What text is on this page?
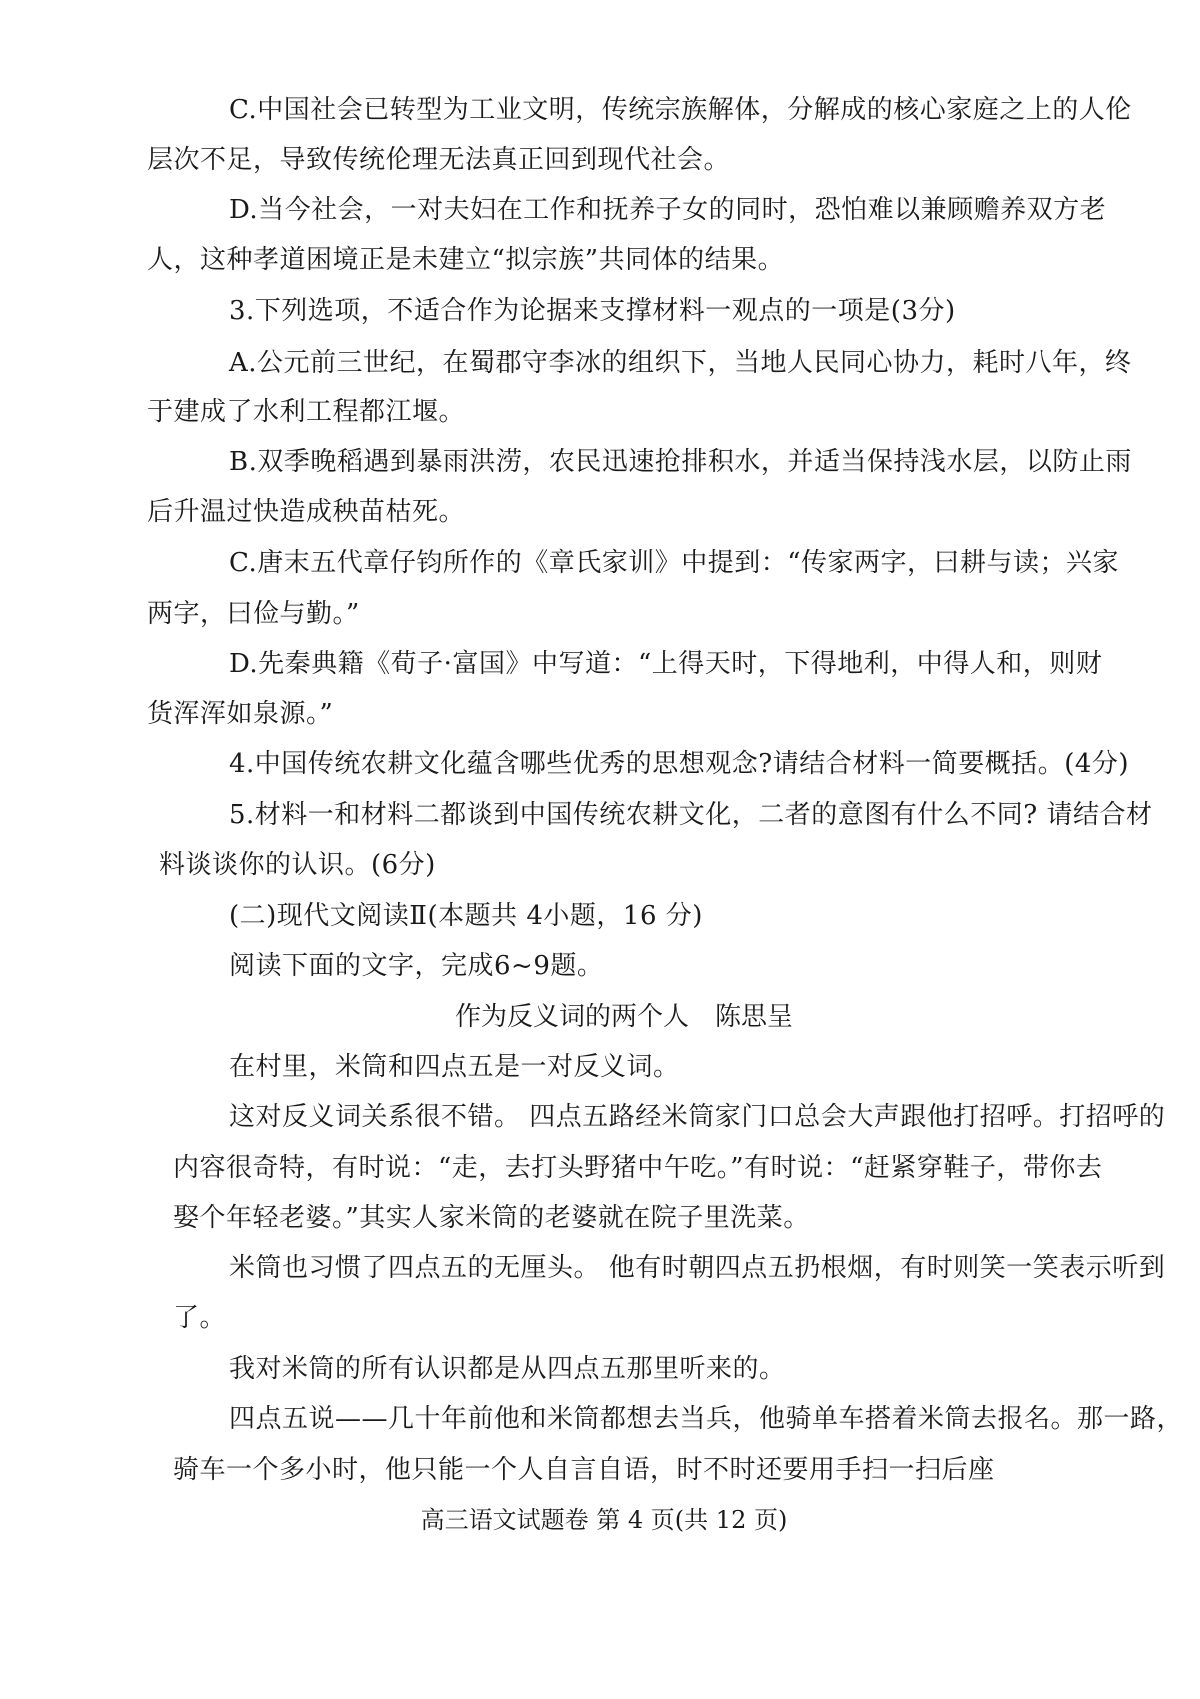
C.中国社会已转型为工业文明，传统宗族解体，分解成的核心家庭之上的人伦
层次不足，导致传统伦理无法真正回到现代社会。
D.当今社会，一对夫妇在工作和抚养子女的同时，恐怕难以兼顾赡养双方老
人，这种孝道困境正是未建立“拟宗族”共同体的结果。
3.下列选项，不适合作为论据来支撑材料一观点的一项是(3分)
A.公元前三世纪，在蜀郡守李冰的组织下，当地人民同心协力，耗时八年，终
于建成了水利工程都江堰。
B.双季晚稻遇到暴雨洪涝，农民迅速抢排积水，并适当保持浅水层，以防止雨
后升温过快造成秧苗枯死。
C.唐末五代章仔钧所作的《章氏家训》中提到：“传家两字，曰耕与读；兴家
两字，曰俭与勤。”
D.先秦典籍《荀子·富国》中写道：“上得天时，下得地利，中得人和，则财
货浑浑如泉源。”
4.中国传统农耕文化蕴含哪些优秀的思想观念?请结合材料一简要概括。(4分)
5.材料一和材料二都谈到中国传统农耕文化，二者的意图有什么不同? 请结合材
料谈谈你的认识。(6分)
(二)现代文阅读Ⅱ(本题共 4小题，16 分)
阅读下面的文字，完成6~9题。
作为反义词的两个人　陈思呈
在村里，米筒和四点五是一对反义词。
这对反义词关系很不错。 四点五路经米筒家门口总会大声跟他打招呼。打招呼的
内容很奇特，有时说：“走，去打头野猪中午吃。”有时说：“赶紧穿鞋子，带你去
娶个年轻老婆。”其实人家米筒的老婆就在院子里洗菜。
米筒也习惯了四点五的无厘头。 他有时朝四点五扔根烟，有时则笑一笑表示听到
了。
我对米筒的所有认识都是从四点五那里听来的。
四点五说——几十年前他和米筒都想去当兵，他骑单车搭着米筒去报名。那一路，
骑车一个多小时，他只能一个人自言自语，时不时还要用手扫一扫后座
高三语文试题卷 第 4 页(共 12 页)
